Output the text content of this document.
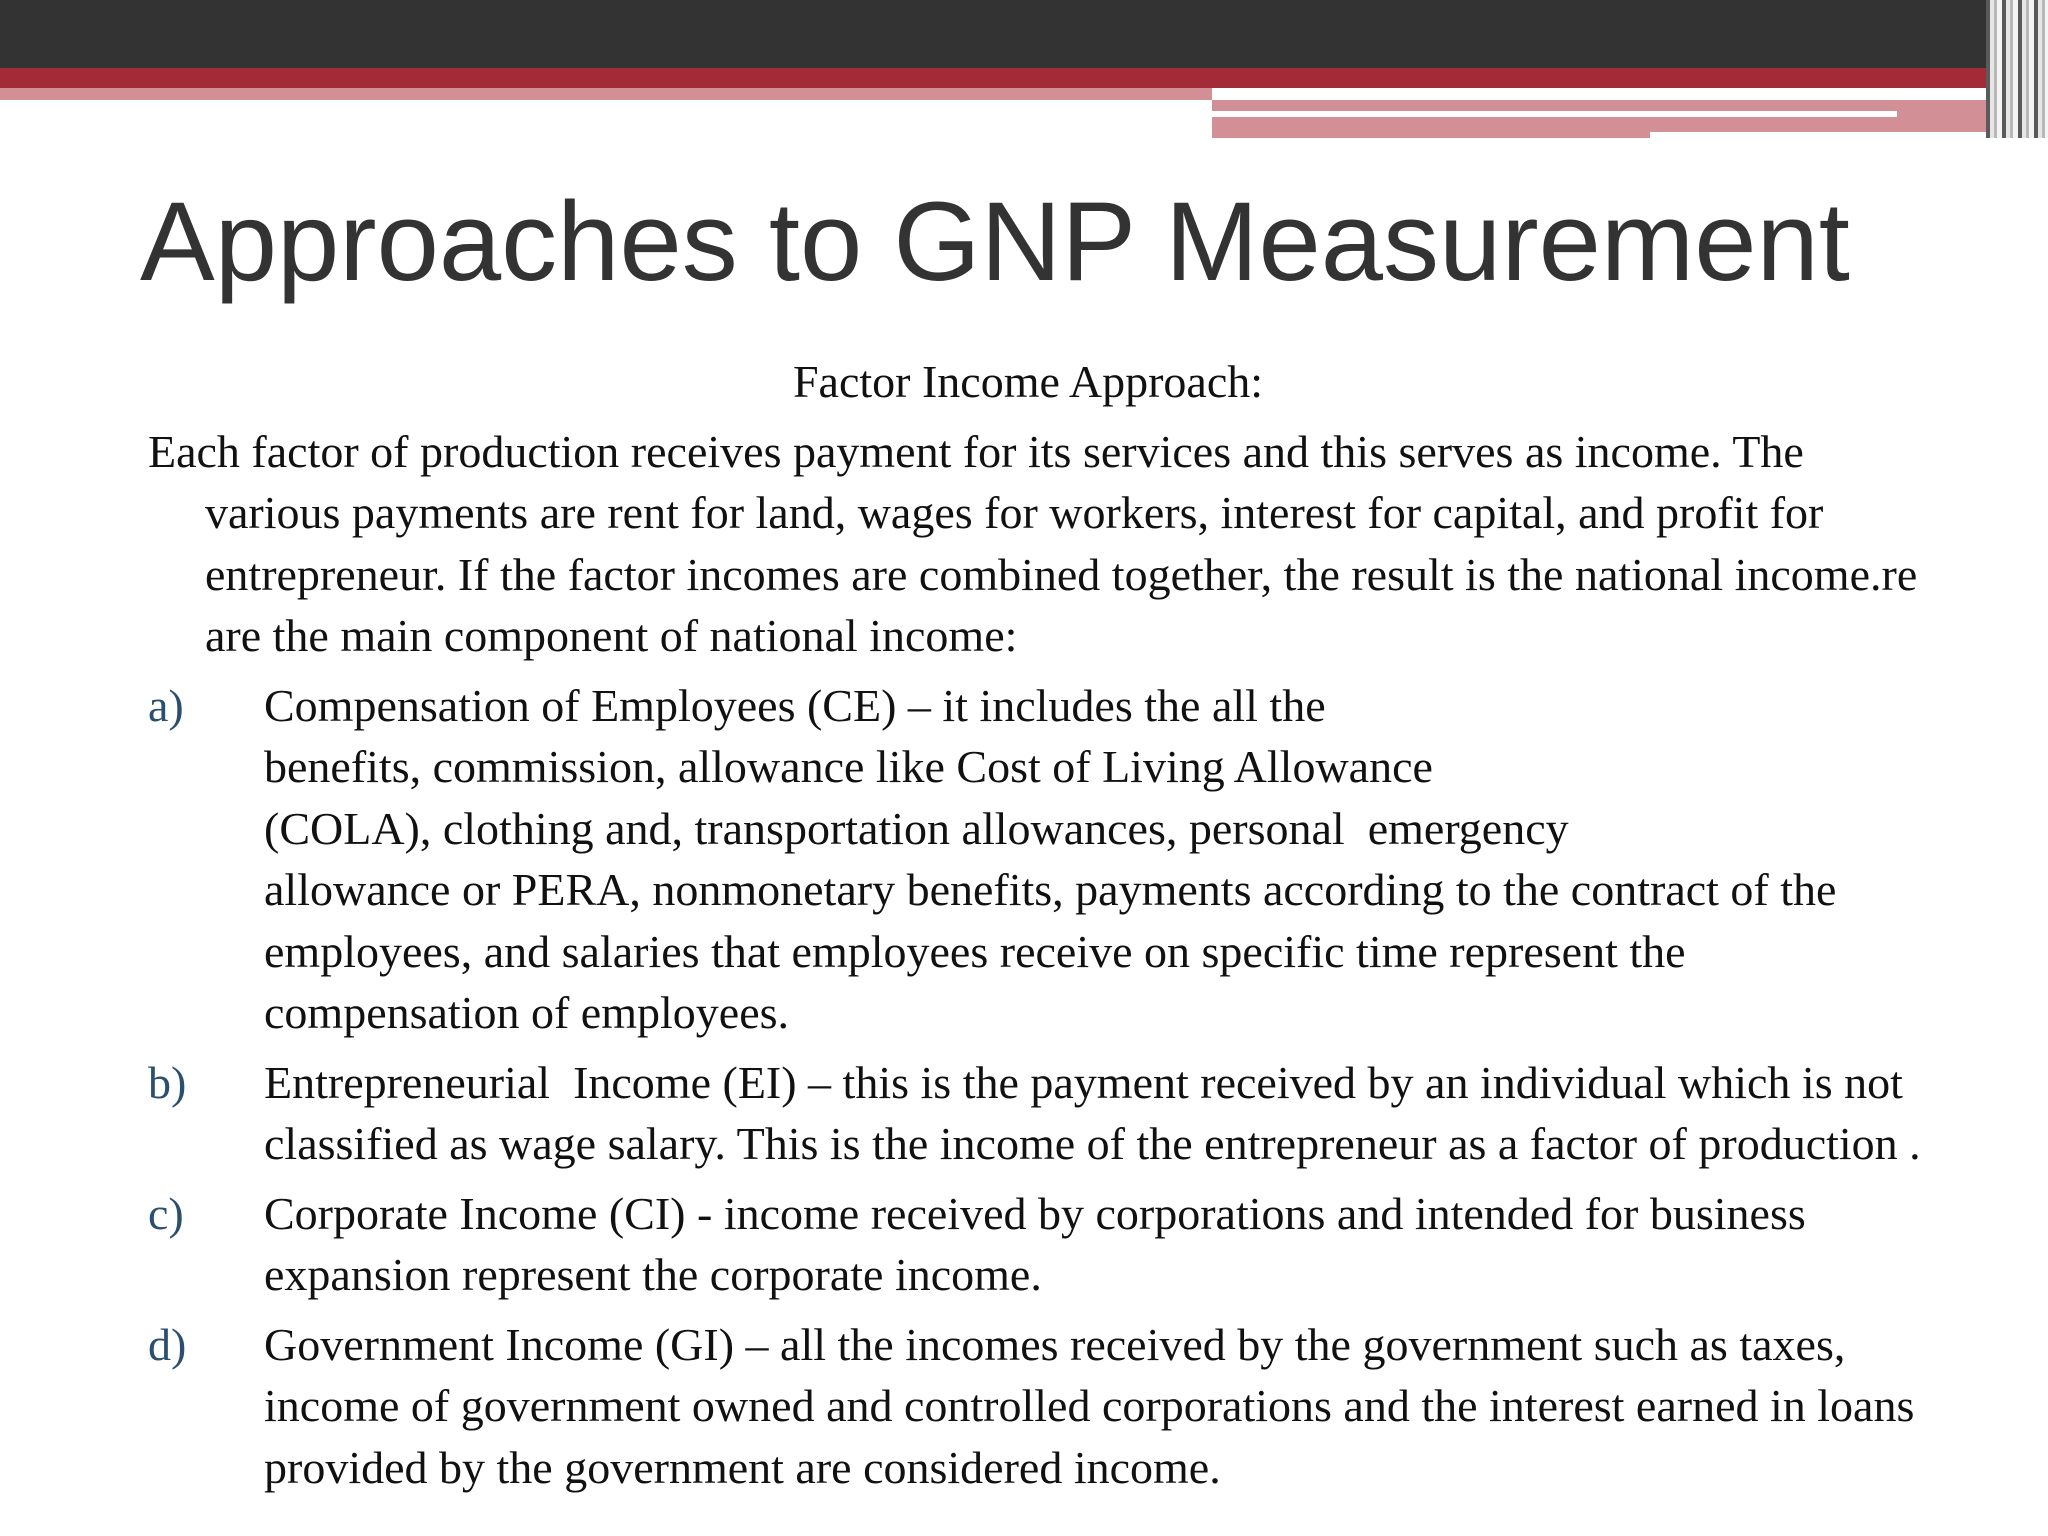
Approaches to GNP Measurement
Factor Income Approach:
Each factor of production receives payment for its services and this serves as income. The various payments are rent for land, wages for workers, interest for capital, and profit for entrepreneur. If the factor incomes are combined together, the result is the national income.re are the main component of national income:
a)	Compensation of Employees (CE) – it includes the all the
benefits, commission, allowance like Cost of Living Allowance
(COLA), clothing and, transportation allowances, personal  emergency
allowance or PERA, nonmonetary benefits, payments according to the contract of the employees, and salaries that employees receive on specific time represent the compensation of employees.
b)	Entrepreneurial  Income (EI) – this is the payment received by an individual which is not classified as wage salary. This is the income of the entrepreneur as a factor of production .
c)	Corporate Income (CI) - income received by corporations and intended for business expansion represent the corporate income.
d)	Government Income (GI) – all the incomes received by the government such as taxes, income of government owned and controlled corporations and the interest earned in loans provided by the government are considered income.
